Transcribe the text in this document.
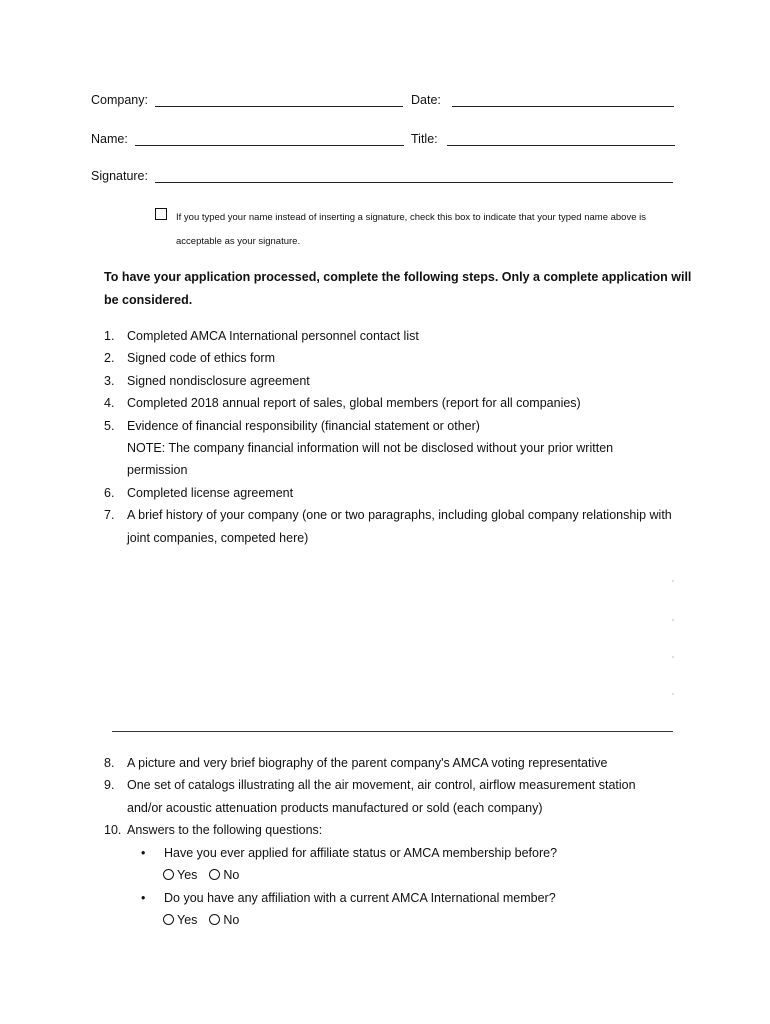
Company:	Date:
Name:	Title:
Signature:
If you typed your name instead of inserting a signature, check this box to indicate that your typed name above is
acceptable as your signature.
To have your application processed, complete the following steps. Only a complete application will be considered.
1.	Completed AMCA International personnel contact list
2.	Signed code of ethics form
3.	Signed nondisclosure agreement
4.	Completed 2018 annual report of sales, global members (report for all companies)
5.	Evidence of financial responsibility (financial statement or other)
NOTE: The company financial information will not be disclosed without your prior written
permission
6.	Completed license agreement
7.	A brief history of your company (one or two paragraphs, including global company relationship with
joint companies, competed here)
8.	A picture and very brief biography of the parent company's AMCA voting representative
9.	One set of catalogs illustrating all the air movement, air control, airflow measurement station
and/or acoustic attenuation products manufactured or sold (each company)
10. Answers to the following questions:
• Have you ever applied for affiliate status or AMCA membership before?
Yes No
• Do you have any affiliation with a current AMCA International member?
Yes No
